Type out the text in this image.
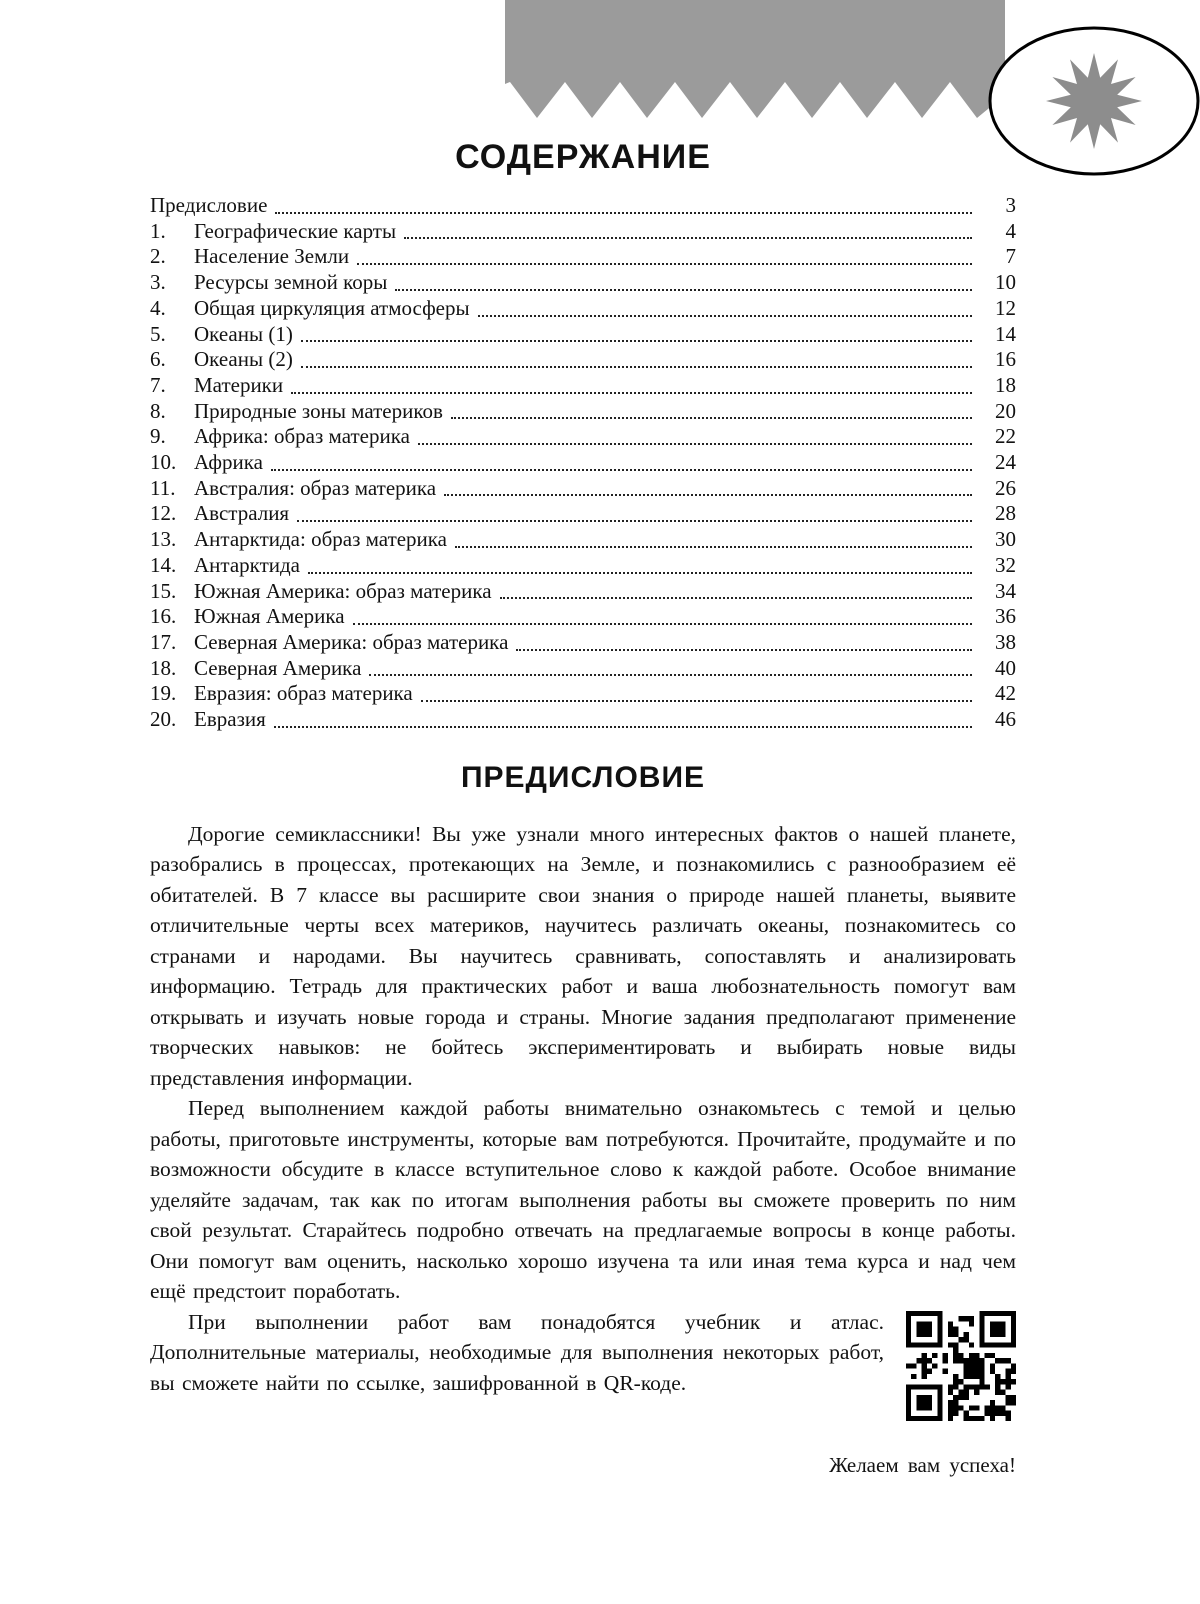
СОДЕРЖАНИЕ
Предисловие	3
1.	Географические карты	4
2.	Население Земли	7
3.	Ресурсы земной коры	10
4.	Общая циркуляция атмосферы	12
5.	Океаны (1)	14
6.	Океаны (2)	16
7.	Материки	18
8.	Природные зоны материков	20
9.	Африка: образ материка	22
10. Африка	24
11. Австралия: образ материка	26
12. Австралия	28
13. Антарктида: образ материка	30
14. Антарктида	32
15. Южная Америка: образ материка	34
16. Южная Америка	36
17. Северная Америка: образ материка	38
18. Северная Америка	40
19. Евразия: образ материка	42
20. Евразия	46
ПРЕДИСЛОВИЕ

Дорогие семиклассники! Вы уже узнали много интересных фактов о нашей планете, разобрались в процессах, протекающих на Земле, и познакомились с разнообразием её обитателей. В 7 классе вы расширите свои знания о природе нашей планеты, выявите отличительные черты всех материков, научитесь различать океаны, познакомитесь со странами и народами. Вы научитесь сравнивать, сопоставлять и анализировать информацию. Тетрадь для практических работ и ваша любознательность помогут вам открывать и изучать новые города и страны. Многие задания предполагают применение творческих навыков: не бойтесь экспериментировать и выбирать новые виды представления информации.

Перед выполнением каждой работы внимательно ознакомьтесь с темой и целью работы, приготовьте инструменты, которые вам потребуются. Прочитайте, продумайте и по возможности обсудите в классе вступительное слово к каждой работе. Особое внимание уделяйте задачам, так как по итогам выполнения работы вы сможете проверить по ним свой результат. Старайтесь подробно отвечать на предлагаемые вопросы в конце работы. Они помогут вам оценить, насколько хорошо изучена та или иная тема курса и над чем ещё предстоит поработать.

При выполнении работ вам понадобятся учебник и атлас. Дополнительные материалы, необходимые для выполнения некоторых работ, вы сможете найти по ссылке, зашифрованной в QR-коде.

Желаем вам успеха!
